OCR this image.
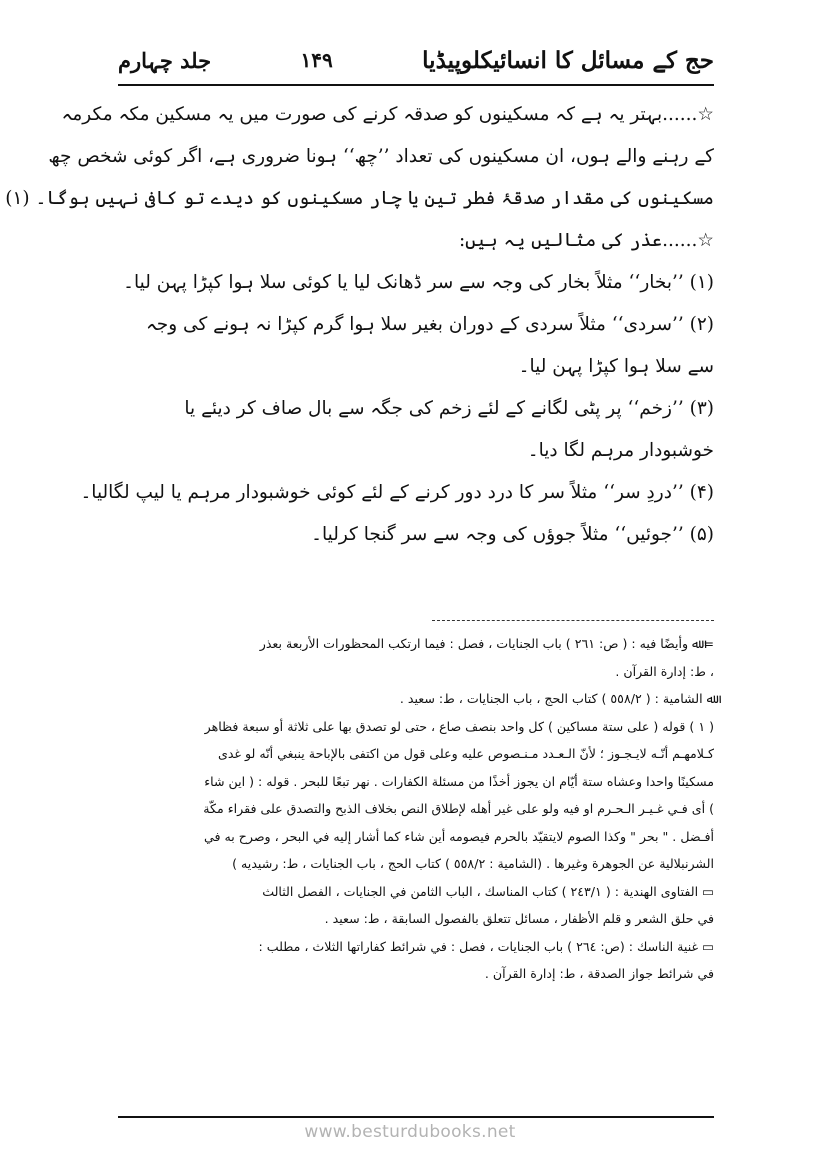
جلد چہارم	۱۴۹	حج کے مسائل کا انسائیکلوپیڈیا
☆......بہتر یہ ہے کہ مسکینوں کو صدقہ کرنے کی صورت میں یہ مسکین مکہ مکرمہ
کے رہنے والے ہوں، ان مسکینوں کی تعداد ’’چھ‘‘ ہونا ضروری ہے، اگر کوئی شخص چھ
مسکینوں کی مقدار صدقۂ فطر تین یا چار مسکینوں کو دیدے تو کافی نہیں ہوگا۔ (۱)
☆......عذر کی مثالیں یہ ہیں:
(۱) ’’بخار‘‘ مثلاً بخار کی وجہ سے سر ڈھانک لیا یا کوئی سلا ہوا کپڑا پہن لیا۔
(۲) ’’سردی‘‘ مثلاً سردی کے دوران بغیر سلا ہوا گرم کپڑا نہ ہونے کی وجہ
سے سلا ہوا کپڑا پہن لیا۔
(۳) ’’زخم‘‘ پر پٹی لگانے کے لئے زخم کی جگہ سے بال صاف کر دیئے یا
خوشبودار مرہم لگا دیا۔
(۴) ’’دردِ سر‘‘ مثلاً سر کا درد دور کرنے کے لئے کوئی خوشبودار مرہم یا لیپ لگالیا۔
(۵) ’’جوئیں‘‘ مثلاً جوؤں کی وجہ سے سر گنجا کرلیا۔
= ﷲ وأيضًا فيه : ( ص: ٢٦١ ) باب الجنايات ، فصل : فيما ارتكب المحظورات الأربعة بعذر
، ط: إدارة القرآن .
ﷲ الشامية : ( ٥٥٨/٢ ) كتاب الحج ، باب الجنايات ، ط: سعيد .
( ١ ) قوله ( على ستة مساكين ) كل واحد بنصف صاع ، حتى لو تصدق بها على ثلاثة أو سبعة فظاهر
كـلامهـم أنّـه لايـجـوز ؛ لأنّ الـعـدد مـنـصوص عليه وعلى قول من اكتفى بالإباحة ينبغي أنّه لو غدى
مسكينًا واحدا وعشاه ستة أيّام ان يجوز أخذًا من مسئلة الكفارات . نهر تبعًا للبحر . قوله : ( اين شاء
) أى فـي غـيـر الـحـرم او فيه ولو على غير أهله لإطلاق النص بخلاف الذبح والتصدق على فقراء مكّة
أفـضل . " بحر " وكذا الصوم لايتقيّد بالحرم فيصومه أين شاء كما أشار إليه في البحر ، وصرح به في
الشرنبلالية عن الجوهرة وغيرها . (الشامية : ٥٥٨/٢ ) كتاب الحج ، باب الجنايات ، ط: رشيديه )
▭ الفتاوى الهندية : ( ٢٤٣/١ ) كتاب المناسك ، الباب الثامن في الجنايات ، الفصل الثالث
في حلق الشعر و قلم الأظفار ، مسائل تتعلق بالفصول السابقة ، ط: سعيد .
▭ غنية الناسك : (ص: ٢٦٤ ) باب الجنايات ، فصل : في شرائط كفاراتها الثلاث ، مطلب :
في شرائط جواز الصدقة ، ط: إدارة القرآن .
www.besturdubooks.net
